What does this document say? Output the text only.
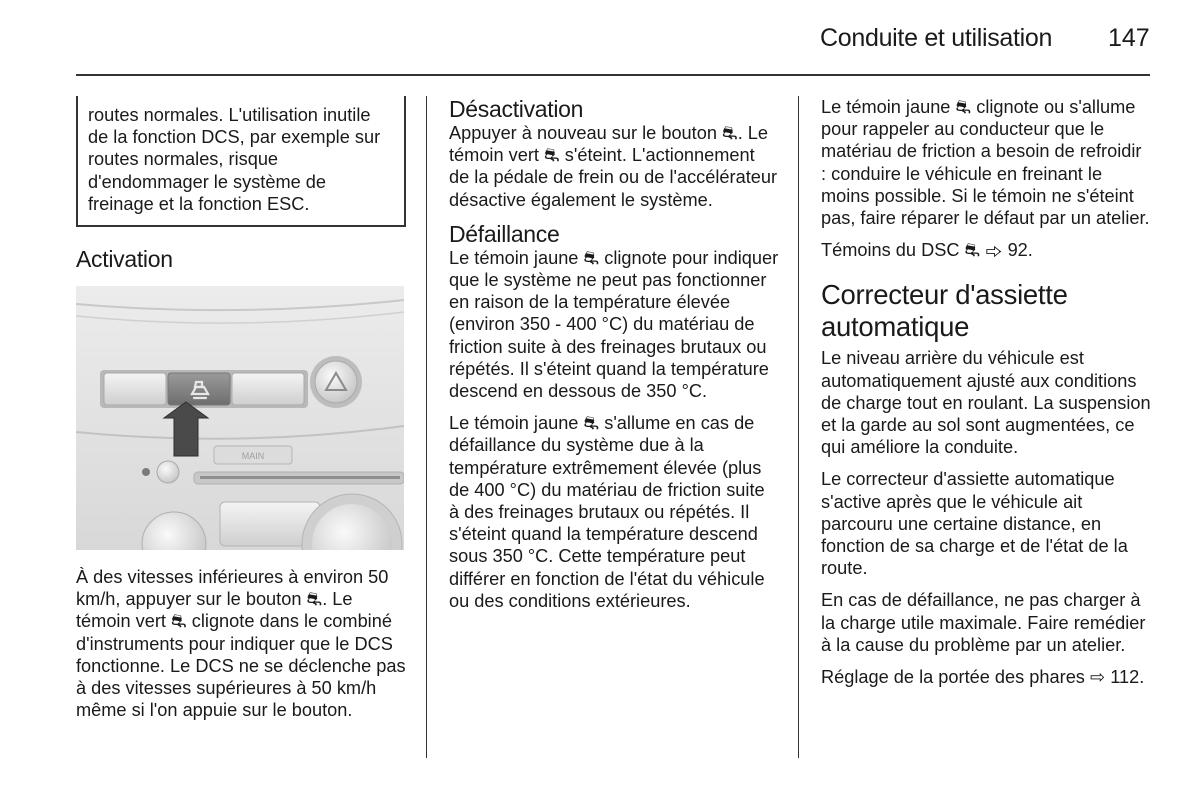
Conduite et utilisation 147

routes normales. L'utilisation inutile de la fonction DCS, par exemple sur routes normales, risque d'endommager le système de freinage et la fonction ESC.

Activation
MAIN

À des vitesses inférieures à environ 50 km/h, appuyer sur le bouton ⛐. Le témoin vert ⛐ clignote dans le combiné d'instruments pour indiquer que le DCS fonctionne. Le DCS ne se déclenche pas à des vitesses supérieures à 50 km/h même si l'on appuie sur le bouton.

Désactivation

Appuyer à nouveau sur le bouton ⛐. Le témoin vert ⛐ s'éteint. L'actionnement de la pédale de frein ou de l'accélérateur désactive également le système.

Défaillance

Le témoin jaune ⛐ clignote pour indiquer que le système ne peut pas fonctionner en raison de la température élevée (environ 350 - 400 °C) du matériau de friction suite à des freinages brutaux ou répétés. Il s'éteint quand la température descend en dessous de 350 °C.

Le témoin jaune ⛐ s'allume en cas de défaillance du système due à la température extrêmement élevée (plus de 400 °C) du matériau de friction suite à des freinages brutaux ou répétés. Il s'éteint quand la température descend sous 350 °C. Cette température peut différer en fonction de l'état du véhicule ou des conditions extérieures.

Le témoin jaune ⛐ clignote ou s'allume pour rappeler au conducteur que le matériau de friction a besoin de refroidir : conduire le véhicule en freinant le moins possible. Si le témoin ne s'éteint pas, faire réparer le défaut par un atelier.

Témoins du DSC ⛐ ⇨ 92.

Correcteur d'assiette automatique

Le niveau arrière du véhicule est automatiquement ajusté aux conditions de charge tout en roulant. La suspension et la garde au sol sont augmentées, ce qui améliore la conduite.

Le correcteur d'assiette automatique s'active après que le véhicule ait parcouru une certaine distance, en fonction de sa charge et de l'état de la route.

En cas de défaillance, ne pas charger à la charge utile maximale. Faire remédier à la cause du problème par un atelier.

Réglage de la portée des phares ⇨ 112.
